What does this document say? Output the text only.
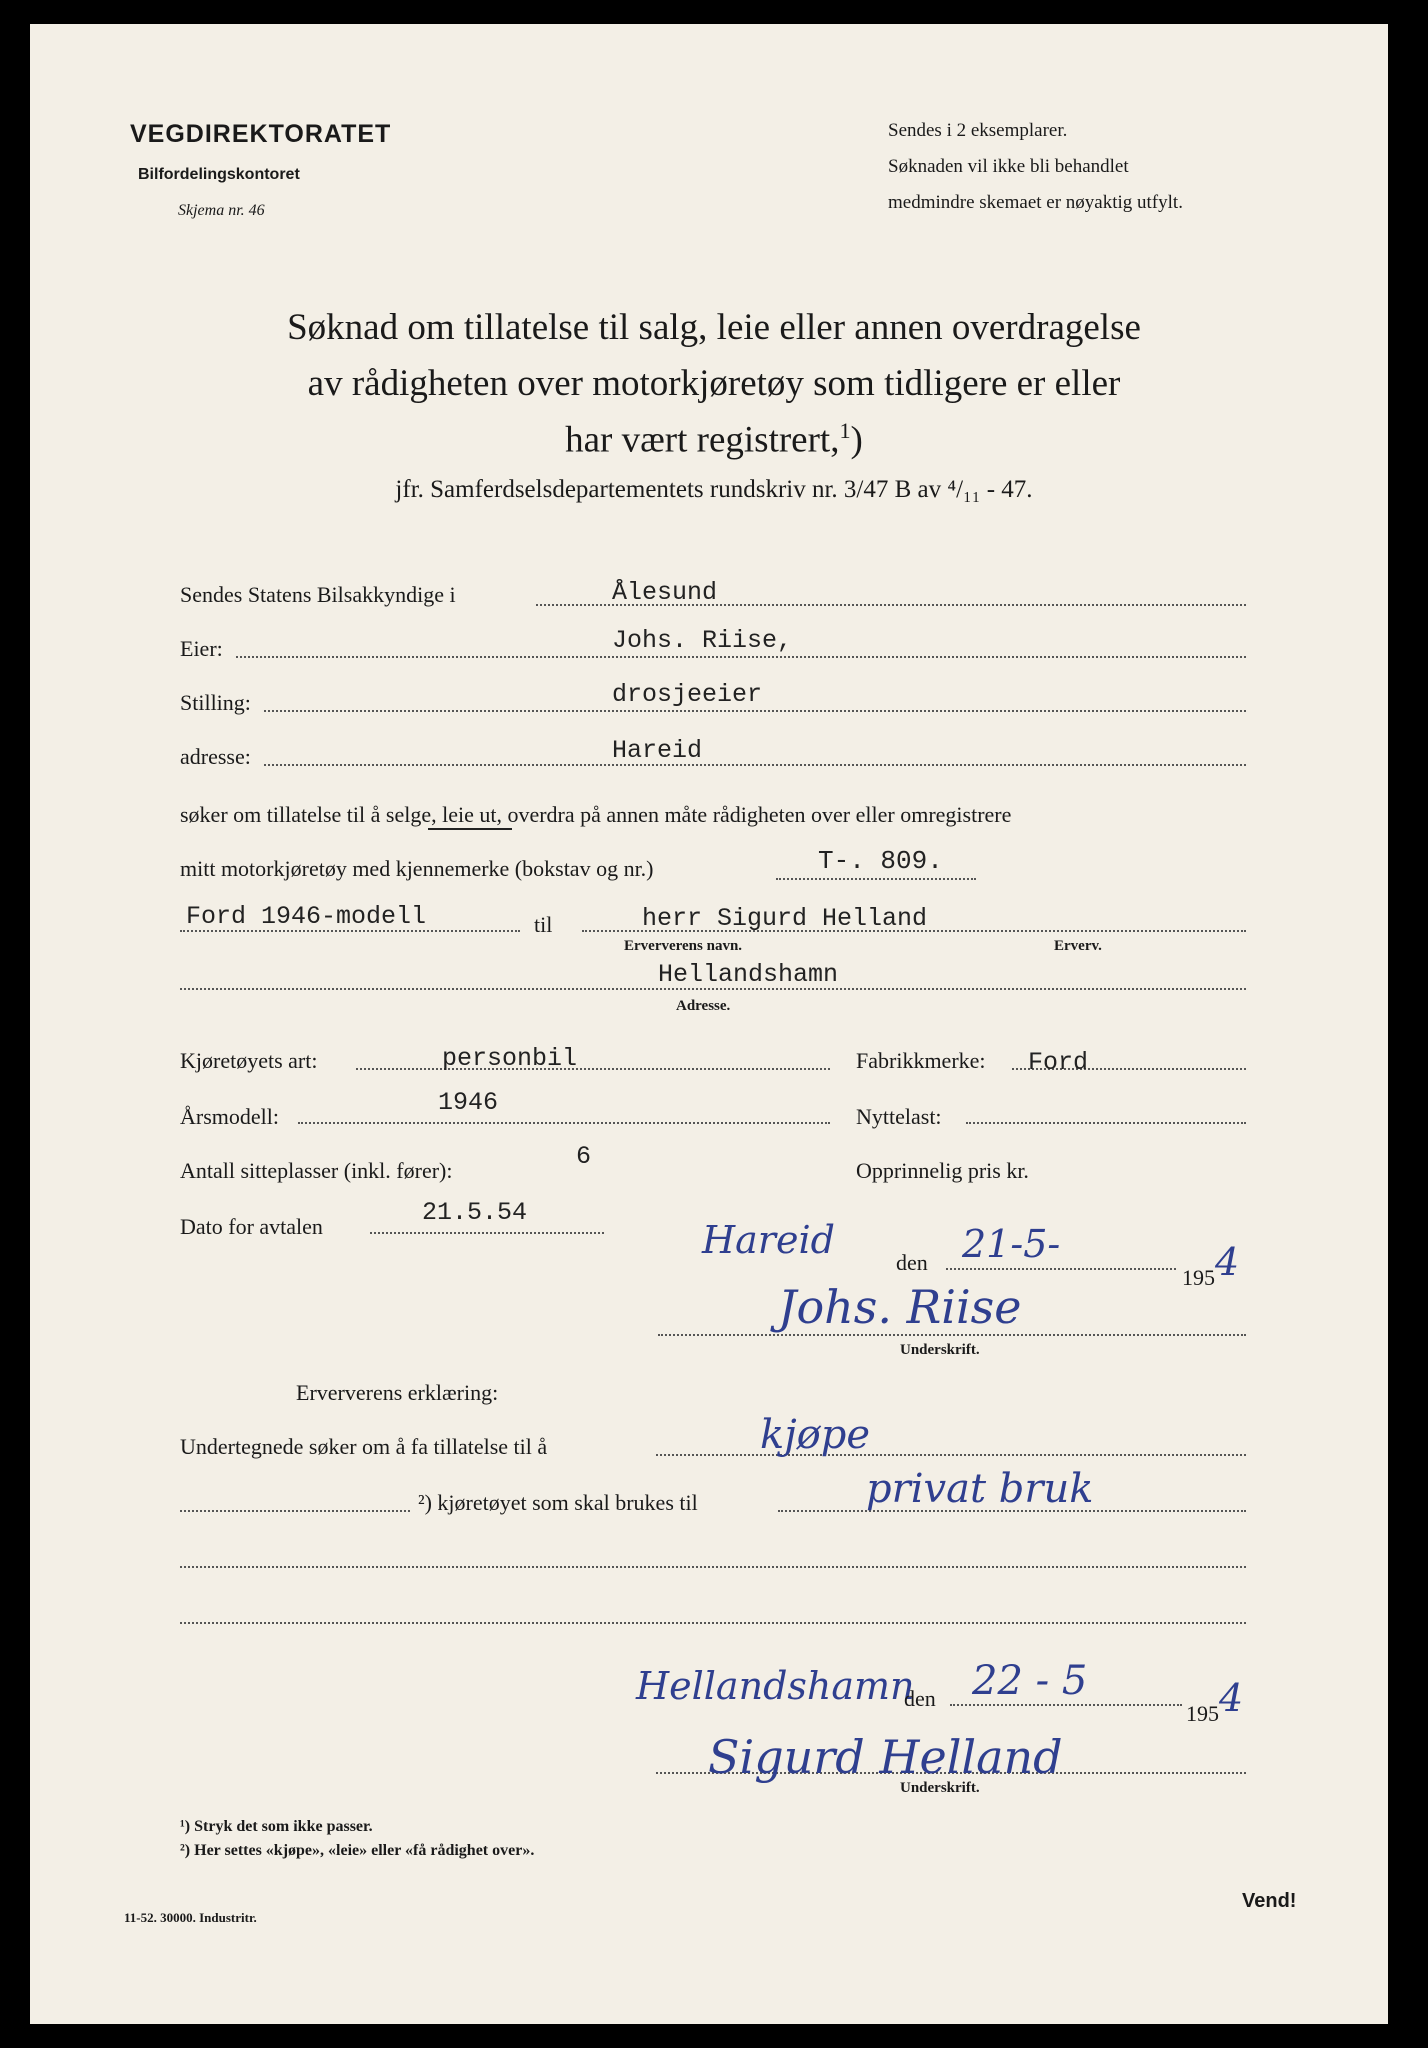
VEGDIREKTORATET
Bilfordelingskontoret
Skjema nr. 46
Sendes i 2 eksemplarer.
Søknaden vil ikke bli behandlet
medmindre skemaet er nøyaktig utfylt.
Søknad om tillatelse til salg, leie eller annen overdragelse
av rådigheten over motorkjøretøy som tidligere er eller
har vært registrert,$^1$)
jfr. Samferdselsdepartementets rundskriv nr. 3/47 B av ⁴/₁₁ - 47.
Sendes Statens Bilsakkyndige i	Ålesund
Eier:	Johs. Riise,
Stilling:	drosjeeier
adresse:	Hareid
søker om tillatelse til å selge, leie ut, overdra på annen måte rådigheten over eller omregistrere
mitt motorkjøretøy med kjennemerke (bokstav og nr.)	T-. 809.
Ford 1946-modell	til	herr Sigurd Helland
Erververens navn.	Erverv.
Hellandshamn
Adresse.
Kjøretøyets art:	personbil	Fabrikkmerke: Ford
Årsmodell:	1946	Nyttelast:
Antall sitteplasser (inkl. fører):	6	Opprinnelig pris kr.
Dato for avtalen	21.5.54
Hareid
den 21-5-
1954
Johs. Riise
Underskrift.
Erververens erklæring:
Undertegnede søker om å fa tillatelse til å	kjøpe
²) kjøretøyet som skal brukes til	privat bruk
Hellandshamn
den 22 - 5
1954
Sigurd Helland
Underskrift.
¹) Stryk det som ikke passer.
²) Her settes «kjøpe», «leie» eller «få rådighet over».
11-52. 30000. Industritr.
Vend!
